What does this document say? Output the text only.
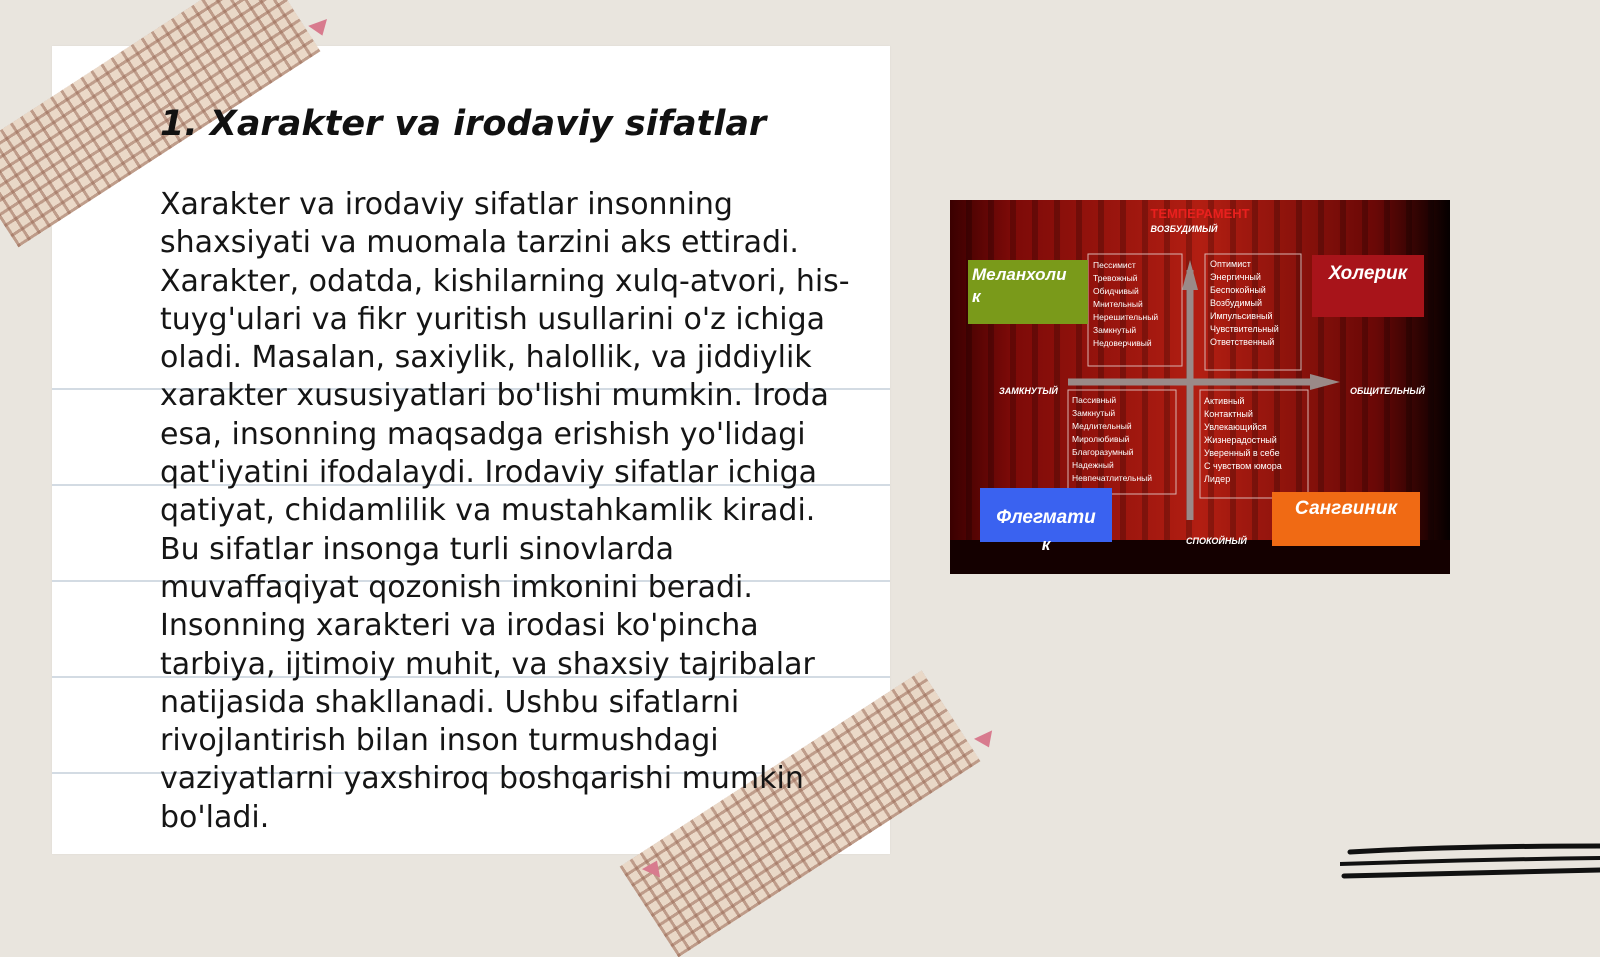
1. Xarakter va irodaviy sifatlar

Xarakter va irodaviy sifatlar insonning shaxsiyati va muomala tarzini aks ettiradi. Xarakter, odatda, kishilarning xulq-atvori, his-tuyg'ulari va fikr yuritish usullarini o'z ichiga oladi. Masalan, saxiylik, halollik, va jiddiylik xarakter xususiyatlari bo'lishi mumkin. Iroda esa, insonning maqsadga erishish yo'lidagi qat'iyatini ifodalaydi. Irodaviy sifatlar ichiga qatiyat, chidamlilik va mustahkamlik kiradi. Bu sifatlar insonga turli sinovlarda muvaffaqiyat qozonish imkonini beradi. Insonning xarakteri va irodasi ko'pincha tarbiya, ijtimoiy muhit, va shaxsiy tajribalar natijasida shakllanadi. Ushbu sifatlarni rivojlantirish bilan inson turmushdagi vaziyatlarni yaxshiroq boshqarishi mumkin bo'ladi.

ТЕМПЕРАМЕНТ
ВОЗБУДИМЫЙ
ЗАМКНУТЫЙ	ОБЩИТЕЛЬНЫЙ
СПОКОЙНЫЙ
Пессимист
Тревожный
Обидчивый
Мнительный
Нерешительный
Замкнутый
Недоверчивый
Оптимист
Энергичный
Беспокойный
Возбудимый
Импульсивный
Чувствительный
Ответственный
Пассивный
Замкнутый
Медлительный
Миролюбивый
Благоразумный
Надежный
Невпечатлительный
Активный
Контактный
Увлекающийся
Жизнерадостный
Уверенный в себе
С чувством юмора
Лидер
Меланхоли
к
Холерик
Флегмати
к
Сангвиник
